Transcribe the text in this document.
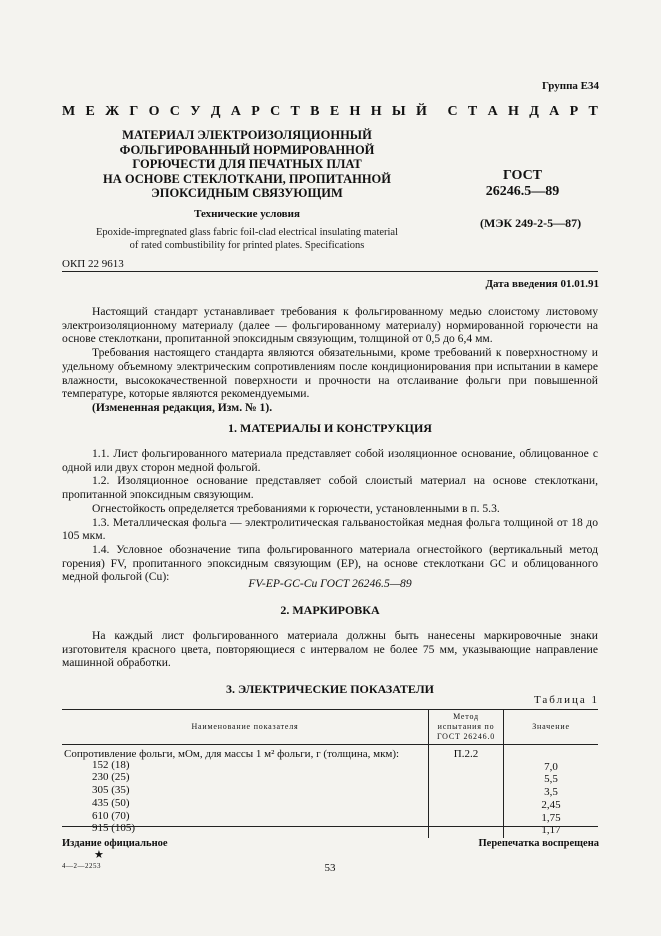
Группа Е34
М Е Ж Г О С У Д А Р С Т В Е Н Н Ы Й С Т А Н Д А Р Т

МАТЕРИАЛ ЭЛЕКТРОИЗОЛЯЦИОННЫЙ
ФОЛЬГИРОВАННЫЙ НОРМИРОВАННОЙ
ГОРЮЧЕСТИ ДЛЯ ПЕЧАТНЫХ ПЛАТ
НА ОСНОВЕ СТЕКЛОТКАНИ, ПРОПИТАННОЙ
ЭПОКСИДНЫМ СВЯЗУЮЩИМ

Технические условия
ГОСТ
26246.5—89
(МЭК 249-2-5—87)
Epoxide-impregnated glass fabric foil-clad electrical insulating material
of rated combustibility for printed plates. Specifications
ОКП 22 9613
Дата введения 01.01.91

Настоящий стандарт устанавливает требования к фольгированному медью слоистому листовому электроизоляционному материалу (далее — фольгированному материалу) нормированной горючести на основе стеклоткани, пропитанной эпоксидным связующим, толщиной от 0,5 до 6,4 мм.

Требования настоящего стандарта являются обязательными, кроме требований к поверхностному и удельному объемному электрическим сопротивлениям после кондиционирования при испытании в камере влажности, высококачественной поверхности и прочности на отслаивание фольги при повышенной температуре, которые являются рекомендуемыми.

(Измененная редакция, Изм. № 1).

1. МАТЕРИАЛЫ И КОНСТРУКЦИЯ

1.1. Лист фольгированного материала представляет собой изоляционное основание, облицованное с одной или двух сторон медной фольгой.

1.2. Изоляционное основание представляет собой слоистый материал на основе стеклоткани, пропитанной эпоксидным связующим.

Огнестойкость определяется требованиями к горючести, установленными в п. 5.3.

1.3. Металлическая фольга — электролитическая гальваностойкая медная фольга толщиной от 18 до 105 мкм.

1.4. Условное обозначение типа фольгированного материала огнестойкого (вертикальный метод горения) FV, пропитанного эпоксидным связующим (ЕР), на основе стеклоткани GC и облицованного медной фольгой (Cu):

FV-EP-GC-Cu ГОСТ 26246.5—89
2. МАРКИРОВКА

На каждый лист фольгированного материала должны быть нанесены маркировочные знаки изготовителя красного цвета, повторяющиеся с интервалом не более 75 мм, указывающие направление машинной обработки.

3. ЭЛЕКТРИЧЕСКИЕ ПОКАЗАТЕЛИ
Таблица 1
Наименование показателя	Метод испытания по ГОСТ 26246.0	Значение
Сопротивление фольги, мОм, для массы 1 м² фольги, г (толщина, мкм):	П.2.2	
152 (18)		7,0
230 (25)		5,5
305 (35)		3,5
435 (50)		2,45
610 (70)		1,75
915 (105)		1,17
Издание официальное
★
Перепечатка воспрещена
4—2—2253	53
